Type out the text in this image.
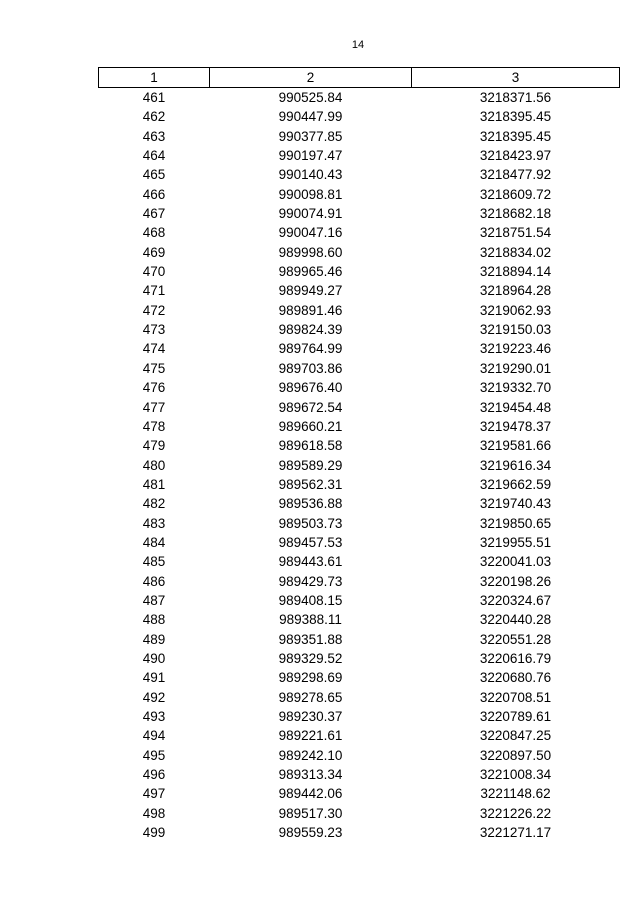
14
1	2	3
461	990525.84	3218371.56
462	990447.99	3218395.45
463	990377.85	3218395.45
464	990197.47	3218423.97
465	990140.43	3218477.92
466	990098.81	3218609.72
467	990074.91	3218682.18
468	990047.16	3218751.54
469	989998.60	3218834.02
470	989965.46	3218894.14
471	989949.27	3218964.28
472	989891.46	3219062.93
473	989824.39	3219150.03
474	989764.99	3219223.46
475	989703.86	3219290.01
476	989676.40	3219332.70
477	989672.54	3219454.48
478	989660.21	3219478.37
479	989618.58	3219581.66
480	989589.29	3219616.34
481	989562.31	3219662.59
482	989536.88	3219740.43
483	989503.73	3219850.65
484	989457.53	3219955.51
485	989443.61	3220041.03
486	989429.73	3220198.26
487	989408.15	3220324.67
488	989388.11	3220440.28
489	989351.88	3220551.28
490	989329.52	3220616.79
491	989298.69	3220680.76
492	989278.65	3220708.51
493	989230.37	3220789.61
494	989221.61	3220847.25
495	989242.10	3220897.50
496	989313.34	3221008.34
497	989442.06	3221148.62
498	989517.30	3221226.22
499	989559.23	3221271.17
